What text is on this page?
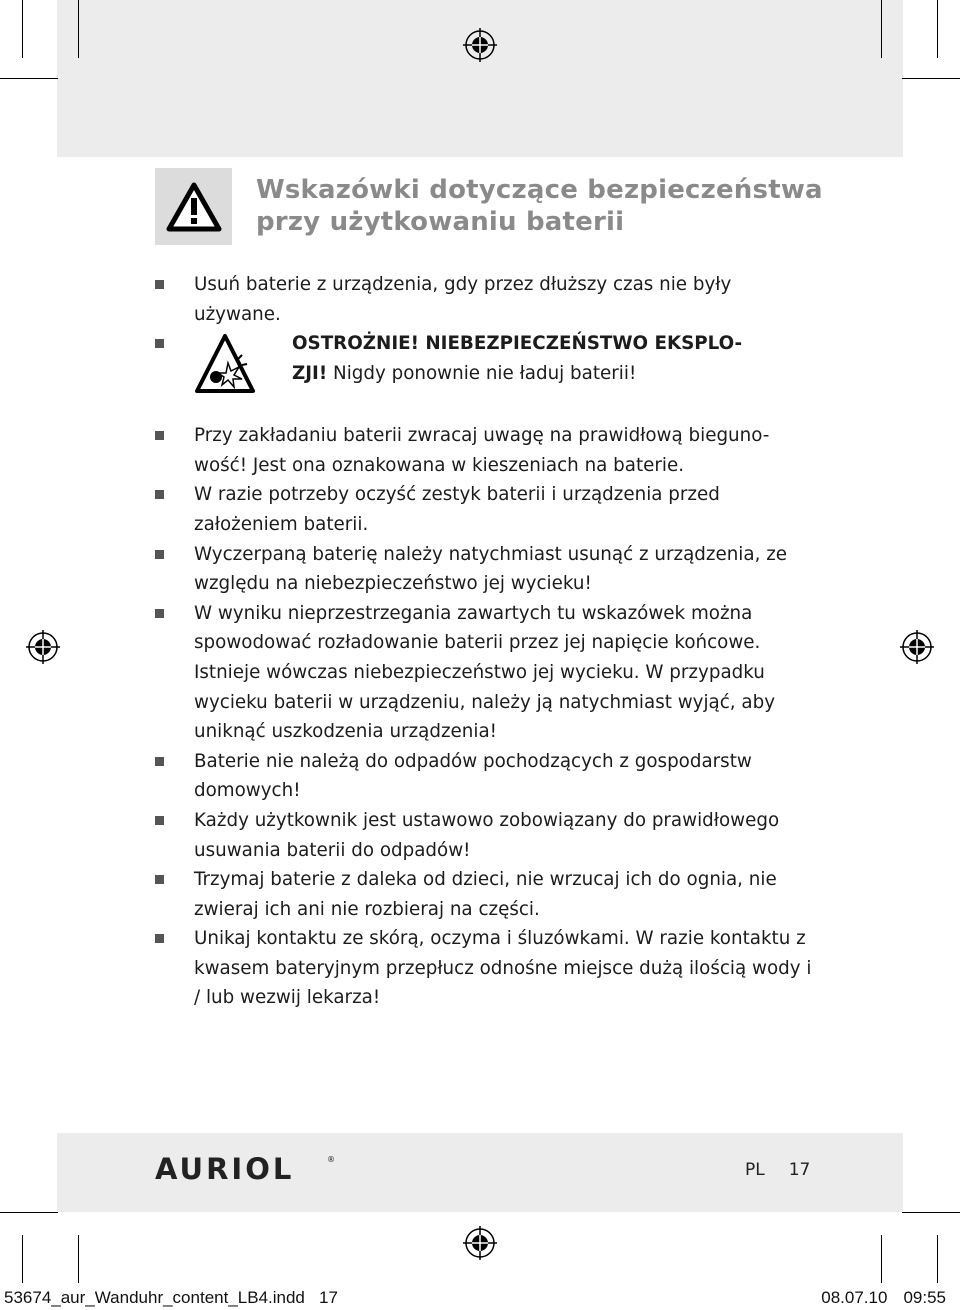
Wskazówki dotyczące bezpieczeństwa
przy użytkowaniu baterii
Usuń baterie z urządzenia, gdy przez dłuższy czas nie były używane.
OSTROŻNIE! NIEBEZPIECZEŃSTWO EKSPLO-
ZJI! Nigdy ponownie nie ładuj baterii!
Przy zakładaniu baterii zwracaj uwagę na prawidłową bieguno-wość! Jest ona oznakowana w kieszeniach na baterie.
W razie potrzeby oczyść zestyk baterii i urządzenia przed założeniem baterii.
Wyczerpaną baterię należy natychmiast usunąć z urządzenia, ze względu na niebezpieczeństwo jej wycieku!
W wyniku nieprzestrzegania zawartych tu wskazówek można spowodować rozładowanie baterii przez jej napięcie końcowe. Istnieje wówczas niebezpieczeństwo jej wycieku. W przypadku wycieku baterii w urządzeniu, należy ją natychmiast wyjąć, aby uniknąć uszkodzenia urządzenia!
Baterie nie należą do odpadów pochodzących z gospodarstw domowych!
Każdy użytkownik jest ustawowo zobowiązany do prawidłowego usuwania baterii do odpadów!
Trzymaj baterie z daleka od dzieci, nie wrzucaj ich do ognia, nie zwieraj ich ani nie rozbieraj na części.
Unikaj kontaktu ze skórą, oczyma i śluzówkami. W razie kontaktu z kwasem bateryjnym przepłucz odnośne miejsce dużą ilością wody i / lub wezwij lekarza!
AURIOL	®
PL 17
53674_aur_Wanduhr_content_LB4.indd   17	08.07.10 09:55
